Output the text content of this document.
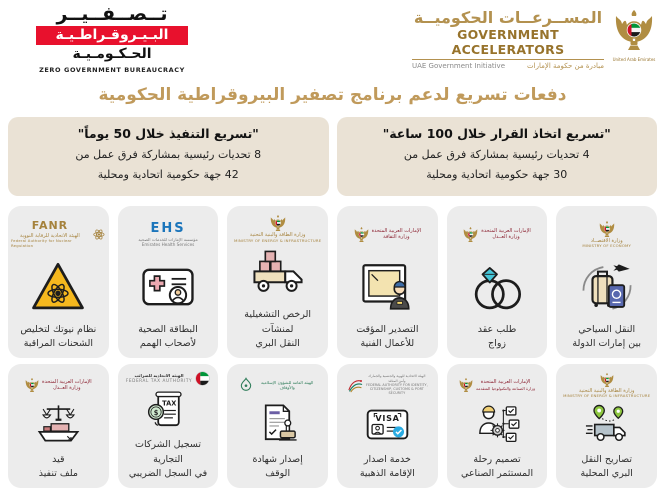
تــصــفــيــر
البـيـروقـراطـيـة
الحـكـومـيـة
ZERO GOVERNMENT BUREAUCRACY
المســرعــات الحكوميــة
GOVERNMENT ACCELERATORS
UAE Government Initiative	مبادرة من حكومة الإمارات
United Arab Emirates
دفعات تسريع لدعم برنامج تصفير البيروقراطية الحكومية
"تسريع التنفيذ خلال 50 يوماً"
8 تحديات رئيسية بمشاركة فرق عمل من
42 جهة حكومية اتحادية ومحلية
"تسريع اتخاذ القرار خلال 100 ساعة"
4 تحديات رئيسية بمشاركة فرق عمل من
30 جهة حكومية اتحادية ومحلية
FANR
الهيئة الاتحادية للرقابة النووية
Federal Authority for Nuclear Regulation
نظام نيوتك لتخليص
الشحنات المراقبة
EHS
مؤسسة الإمارات للخدمات الصحية
Emirates Health Services
البطاقة الصحية
لأصحاب الهمم
وزارة الطاقة والبنية التحتية
MINISTRY OF ENERGY & INFRASTRUCTURE
الرخص التشغيلية لمنشآت
النقل البري
الإمارات العربية المتحدة
وزارة الثقافة
التصدير المؤقت
للأعمال الفنية
الإمارات العربية المتحدة
وزارة العــدل
طلب عقد
زواج
وزارة الاقتصــاد
MINISTRY OF ECONOMY
النقل السياحي
بين إمارات الدولة
الإمارات العربية المتحدة
وزارة العــدل
قيد
ملف تنفيذ
الهيئة الاتحادية للضرائب
FEDERAL TAX AUTHORITY
TAX
$
تسجيل الشركات التجارية
في السجل الضريبي
الهيئة العامة للشؤون الإسلامية والأوقاف
إصدار شهادة
الوقف
الهيئة الاتحادية للهوية والجنسية والجمارك وأمن المنافذ
FEDERAL AUTHORITY FOR IDENTITY, CITIZENSHIP, CUSTOMS & PORT SECURITY
VISA
خدمة اصدار
الإقامة الذهبية
الإمارات العربية المتحدة
وزارة الصناعة والتكنولوجيا المتقدمة
تصميم رحلة
المستثمر الصناعي
وزارة الطاقة والبنية التحتية
MINISTRY OF ENERGY & INFRASTRUCTURE
تصاريح النقل
البري المحلية
